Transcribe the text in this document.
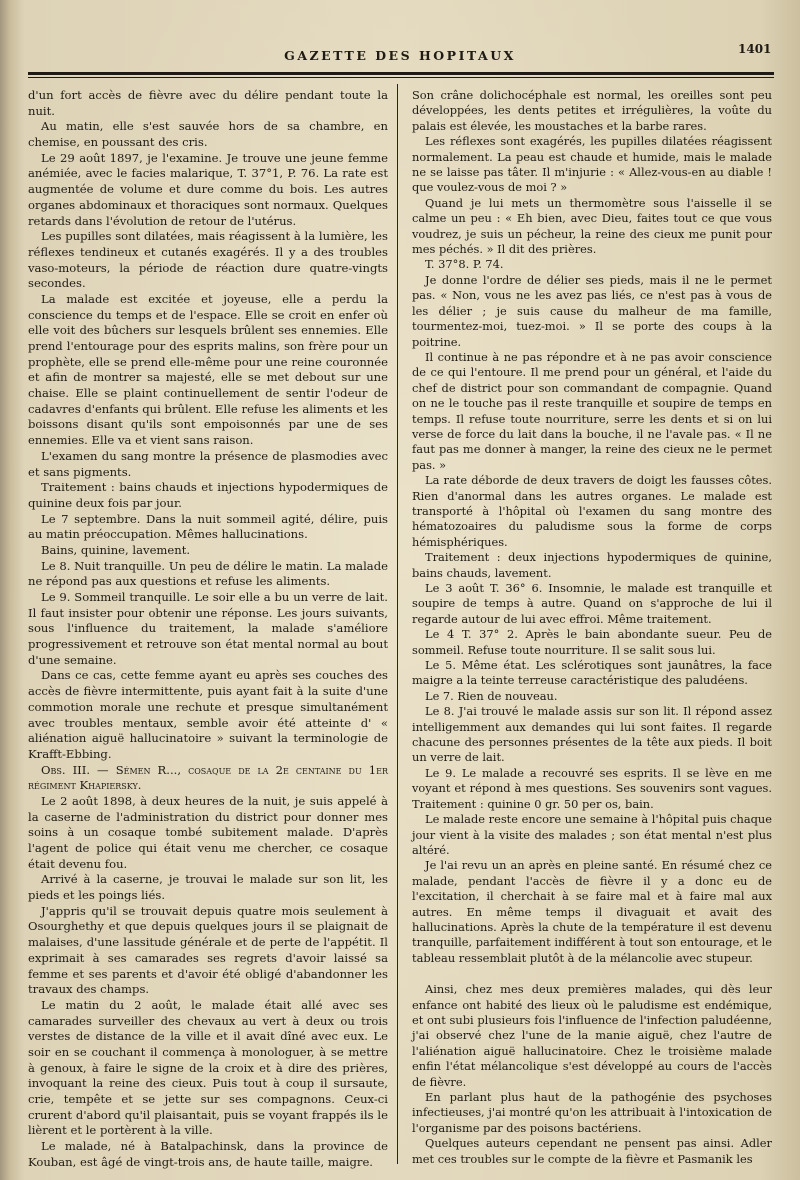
GAZETTE DES HOPITAUX	1401

d'un fort accès de fièvre avec du délire pendant toute la nuit.

Au matin, elle s'est sauvée hors de sa chambre, en chemise, en poussant des cris.

Le 29 août 1897, je l'examine. Je trouve une jeune femme anémiée, avec le facies malarique, T. 37°1, P. 76. La rate est augmentée de volume et dure comme du bois. Les autres organes abdominaux et thoraciques sont normaux. Quelques retards dans l'évolution de retour de l'utérus.

Les pupilles sont dilatées, mais réagissent à la lumière, les réflexes tendineux et cutanés exagérés. Il y a des troubles vaso-moteurs, la période de réaction dure quatre-vingts secondes.

La malade est excitée et joyeuse, elle a perdu la conscience du temps et de l'espace. Elle se croit en enfer où elle voit des bûchers sur lesquels brûlent ses ennemies. Elle prend l'entourage pour des esprits malins, son frère pour un prophète, elle se prend elle-même pour une reine couronnée et afin de montrer sa majesté, elle se met debout sur une chaise. Elle se plaint continuellement de sentir l'odeur de cadavres d'enfants qui brûlent. Elle refuse les aliments et les boissons disant qu'ils sont empoisonnés par une de ses ennemies. Elle va et vient sans raison.

L'examen du sang montre la présence de plasmodies avec et sans pigments.

Traitement : bains chauds et injections hypodermiques de quinine deux fois par jour.

Le 7 septembre. Dans la nuit sommeil agité, délire, puis au matin préoccupation. Mêmes hallucinations.

Bains, quinine, lavement.

Le 8. Nuit tranquille. Un peu de délire le matin. La malade ne répond pas aux questions et refuse les aliments.

Le 9. Sommeil tranquille. Le soir elle a bu un verre de lait. Il faut insister pour obtenir une réponse. Les jours suivants, sous l'influence du traitement, la malade s'améliore progressivement et retrouve son état mental normal au bout d'une semaine.

Dans ce cas, cette femme ayant eu après ses couches des accès de fièvre intermittente, puis ayant fait à la suite d'une commotion morale une rechute et presque simultanément avec troubles mentaux, semble avoir été atteinte d' « aliénation aiguë hallucinatoire » suivant la terminologie de Krafft-Ebbing.

Obs. III. — Sémen R..., cosaque de la 2e centaine du 1er régiment Khapiersky.

Le 2 août 1898, à deux heures de la nuit, je suis appelé à la caserne de l'administration du district pour donner mes soins à un cosaque tombé subitement malade. D'après l'agent de police qui était venu me chercher, ce cosaque était devenu fou.

Arrivé à la caserne, je trouvai le malade sur son lit, les pieds et les poings liés.

J'appris qu'il se trouvait depuis quatre mois seulement à Osourghethy et que depuis quelques jours il se plaignait de malaises, d'une lassitude générale et de perte de l'appétit. Il exprimait à ses camarades ses regrets d'avoir laissé sa femme et ses parents et d'avoir été obligé d'abandonner les travaux des champs.

Le matin du 2 août, le malade était allé avec ses camarades surveiller des chevaux au vert à deux ou trois verstes de distance de la ville et il avait dîné avec eux. Le soir en se couchant il commença à monologuer, à se mettre à genoux, à faire le signe de la croix et à dire des prières, invoquant la reine des cieux. Puis tout à coup il sursaute, crie, tempête et se jette sur ses compagnons. Ceux-ci crurent d'abord qu'il plaisantait, puis se voyant frappés ils le lièrent et le portèrent à la ville.

Le malade, né à Batalpachinsk, dans la province de Kouban, est âgé de vingt-trois ans, de haute taille, maigre.

Son crâne dolichocéphale est normal, les oreilles sont peu développées, les dents petites et irrégulières, la voûte du palais est élevée, les moustaches et la barbe rares.

Les réflexes sont exagérés, les pupilles dilatées réagissent normalement. La peau est chaude et humide, mais le malade ne se laisse pas tâter. Il m'injurie : « Allez-vous-en au diable ! que voulez-vous de moi ? »

Quand je lui mets un thermomètre sous l'aisselle il se calme un peu : « Eh bien, avec Dieu, faites tout ce que vous voudrez, je suis un pécheur, la reine des cieux me punit pour mes péchés. » Il dit des prières.

T. 37°8. P. 74.

Je donne l'ordre de délier ses pieds, mais il ne le permet pas. « Non, vous ne les avez pas liés, ce n'est pas à vous de les délier ; je suis cause du malheur de ma famille, tourmentez-moi, tuez-moi. » Il se porte des coups à la poitrine.

Il continue à ne pas répondre et à ne pas avoir conscience de ce qui l'entoure. Il me prend pour un général, et l'aide du chef de district pour son commandant de compagnie. Quand on ne le touche pas il reste tranquille et soupire de temps en temps. Il refuse toute nourriture, serre les dents et si on lui verse de force du lait dans la bouche, il ne l'avale pas. « Il ne faut pas me donner à manger, la reine des cieux ne le permet pas. »

La rate déborde de deux travers de doigt les fausses côtes. Rien d'anormal dans les autres organes. Le malade est transporté à l'hôpital où l'examen du sang montre des hématozoaires du paludisme sous la forme de corps hémisphériques.

Traitement : deux injections hypodermiques de quinine, bains chauds, lavement.

Le 3 août T. 36° 6. Insomnie, le malade est tranquille et soupire de temps à autre. Quand on s'approche de lui il regarde autour de lui avec effroi. Même traitement.

Le 4 T. 37° 2. Après le bain abondante sueur. Peu de sommeil. Refuse toute nourriture. Il se salit sous lui.

Le 5. Même état. Les sclérotiques sont jaunâtres, la face maigre a la teinte terreuse caractéristique des paludéens.

Le 7. Rien de nouveau.

Le 8. J'ai trouvé le malade assis sur son lit. Il répond assez intelligemment aux demandes qui lui sont faites. Il regarde chacune des personnes présentes de la tête aux pieds. Il boit un verre de lait.

Le 9. Le malade a recouvré ses esprits. Il se lève en me voyant et répond à mes questions. Ses souvenirs sont vagues. Traitement : quinine 0 gr. 50 per os, bain.

Le malade reste encore une semaine à l'hôpital puis chaque jour vient à la visite des malades ; son état mental n'est plus altéré.

Je l'ai revu un an après en pleine santé. En résumé chez ce malade, pendant l'accès de fièvre il y a donc eu de l'excitation, il cherchait à se faire mal et à faire mal aux autres. En même temps il divaguait et avait des hallucinations. Après la chute de la température il est devenu tranquille, parfaitement indifférent à tout son entourage, et le tableau ressemblait plutôt à de la mélancolie avec stupeur.

Ainsi, chez mes deux premières malades, qui dès leur enfance ont habité des lieux où le paludisme est endémique, et ont subi plusieurs fois l'influence de l'infection paludéenne, j'ai observé chez l'une de la manie aiguë, chez l'autre de l'aliénation aiguë hallucinatoire. Chez le troisième malade enfin l'état mélancolique s'est développé au cours de l'accès de fièvre.

En parlant plus haut de la pathogénie des psychoses infectieuses, j'ai montré qu'on les attribuait à l'intoxication de l'organisme par des poisons bactériens.

Quelques auteurs cependant ne pensent pas ainsi. Adler met ces troubles sur le compte de la fièvre et Pasmanik les
